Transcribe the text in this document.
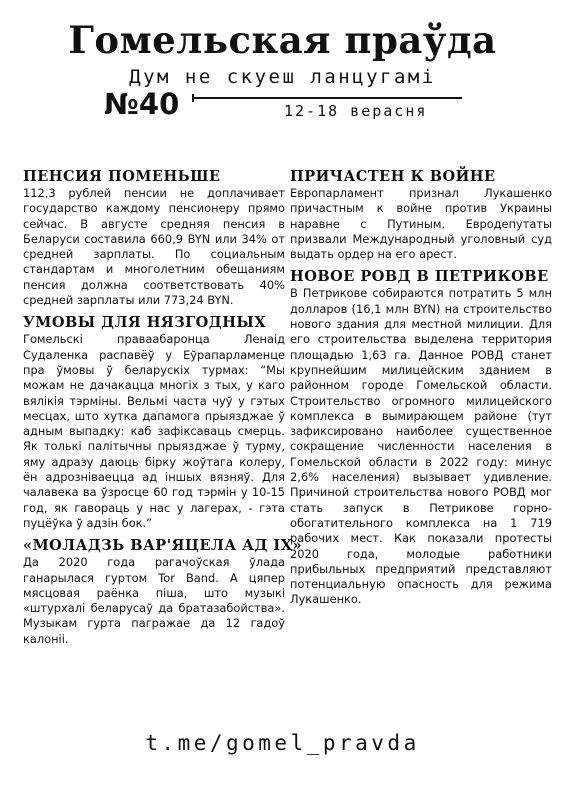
Гомельская праўда
Дум не скуеш ланцугамі
№40	12-18 верасня
ПЕНСИЯ ПОМЕНЬШЕ

112,3 рублей пенсии не доплачивает государство каждому пенсионеру прямо сейчас. В августе средняя пенсия в Беларуси составила 660,9 BYN или 34% от средней зарплаты. По социальным стандартам и многолетним обещаниям пенсия должна соответствовать 40% средней зарплаты или 773,24 BYN.

УМОВЫ ДЛЯ НЯЗГОДНЫХ

Гомельскі праваабаронца Ленаід Судаленка распавёў у Еўрапарламенце пра ўмовы ў беларускіх турмах: “Мы можам не дачакацца многіх з тых, у каго вялікія тэрміны. Вельмі часта чуў у гэтых месцах, што хутка дапамога прыязджае ў адным выпадку: каб зафіксаваць смерць. Як толькі палітычны прыязджае ў турму, яму адразу даюць бірку жоўтага колеру, ён адрозніваецца ад іншых вязняў. Для чалавека ва ўзросце 60 год тэрмін у 10-15 год, як гавораць у нас у лагерах, - гэта пуцёўка ў адзін бок.”

«МОЛАДЗЬ ВАР'ЯЦЕЛА АД IX»

Да 2020 года рагачоўская ўлада ганарылася гуртом Tor Band. А цяпер мясцовая раёнка піша, што музыкі «штурхалі беларусаў да братазабойства». Музыкам гурта пагражае да 12 гадоў калоніі.

ПРИЧАСТЕН К ВОЙНЕ

Европарламент признал Лукашенко причастным к войне против Украины наравне с Путиным. Евродепутаты призвали Международный уголовный суд выдать ордер на его арест.

НОВОЕ РОВД В ПЕТРИКОВЕ

В Петрикове собираются потратить 5 млн долларов (16,1 млн BYN) на строительство нового здания для местной милиции. Для его строительства выделена территория площадью 1,63 га. Данное РОВД станет крупнейшим милицейским зданием в районном городе Гомельской области. Строительство огромного милицейского комплекса в вымирающем районе (тут зафиксировано наиболее существенное сокращение численности населения в Гомельской области в 2022 году: минус 2,6% населения) вызывает удивление. Причиной строительства нового РОВД мог стать запуск в Петрикове горно-обогатительного комплекса на 1 719 рабочих мест. Как показали протесты 2020 года, молодые работники прибыльных предприятий представляют потенциальную опасность для режима Лукашенко.

t.me/gomel_pravda
